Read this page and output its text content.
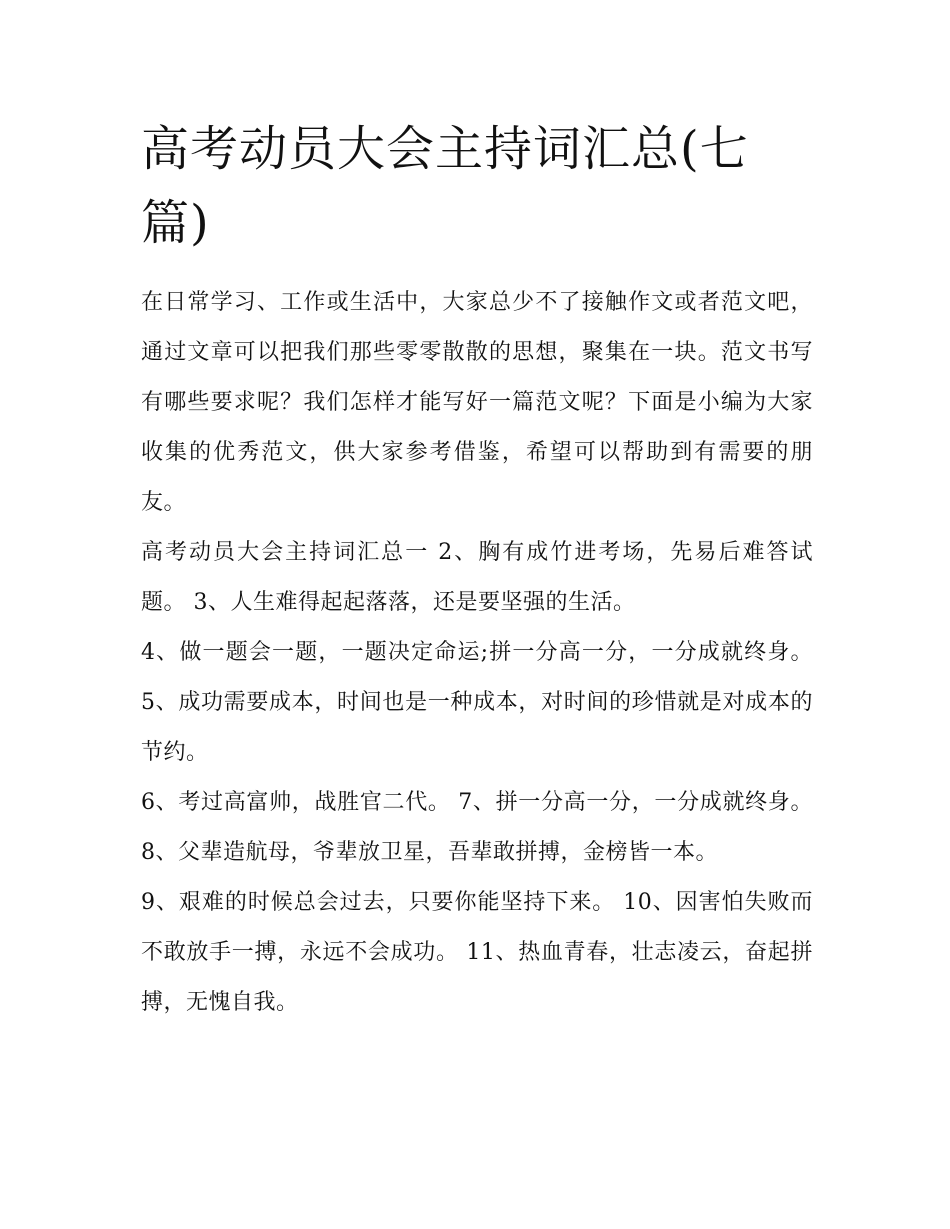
高考动员大会主持词汇总(七篇)

在日常学习、工作或生活中，大家总少不了接触作文或者范文吧，通过文章可以把我们那些零零散散的思想，聚集在一块。范文书写有哪些要求呢？我们怎样才能写好一篇范文呢？下面是小编为大家收集的优秀范文，供大家参考借鉴，希望可以帮助到有需要的朋友。

高考动员大会主持词汇总一 2、胸有成竹进考场，先易后难答试题。 3、人生难得起起落落，还是要坚强的生活。

4、做一题会一题，一题决定命运;拼一分高一分，一分成就终身。 5、成功需要成本，时间也是一种成本，对时间的珍惜就是对成本的节约。

6、考过高富帅，战胜官二代。 7、拼一分高一分，一分成就终身。 8、父辈造航母，爷辈放卫星，吾辈敢拼搏，金榜皆一本。

9、艰难的时候总会过去，只要你能坚持下来。 10、因害怕失败而不敢放手一搏，永远不会成功。 11、热血青春，壮志凌云，奋起拼搏，无愧自我。
